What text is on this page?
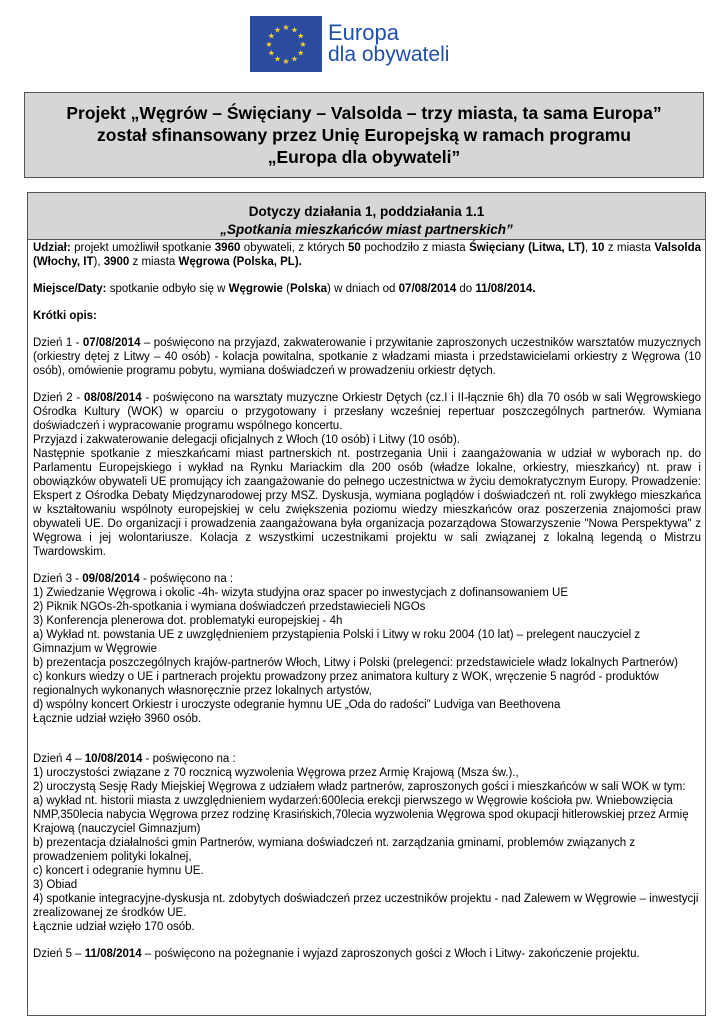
★ ★
★
★
★
★
★
★
★
★
★
★ Europa
dla obywateli
Projekt „Węgrów – Święciany – Valsolda – trzy miasta, ta sama Europa”
został sfinansowany przez Unię Europejską w ramach programu
„Europa dla obywateli”
Dotyczy działania 1, poddziałania 1.1
„Spotkania mieszkańców miast partnerskich”

Udział: projekt umożliwił spotkanie 3960 obywateli, z których 50 pochodziło z miasta Święciany (Litwa, LT), 10 z miasta Valsolda (Włochy, IT), 3900 z miasta Węgrowa (Polska, PL).

Miejsce/Daty: spotkanie odbyło się w Węgrowie (Polska) w dniach od 07/08/2014 do 11/08/2014.

Krótki opis:

Dzień 1 - 07/08/2014 – poświęcono na przyjazd, zakwaterowanie i przywitanie zaproszonych uczestników warsztatów muzycznych (orkiestry dętej z Litwy – 40 osób) - kolacja powitalna, spotkanie z władzami miasta i przedstawicielami orkiestry z Węgrowa (10 osób), omówienie programu pobytu, wymiana doświadczeń w prowadzeniu orkiestr dętych.

Dzień 2 - 08/08/2014 - poświęcono na warsztaty muzyczne Orkiestr Dętych (cz.I i II-łącznie 6h) dla 70 osób w sali Węgrowskiego Ośrodka Kultury (WOK) w oparciu o przygotowany i przesłany wcześniej repertuar poszczególnych partnerów. Wymiana doświadczeń i wypracowanie programu wspólnego koncertu.

Przyjazd i zakwaterowanie delegacji oficjalnych z Włoch (10 osób) i Litwy (10 osób).

Następnie spotkanie z mieszkańcami miast partnerskich nt. postrzegania Unii i zaangażowania w udział w wyborach np. do Parlamentu Europejskiego i wykład na Rynku Mariackim dla 200 osób (władze lokalne, orkiestry, mieszkańcy) nt. praw i obowiązków obywateli UE promujący ich zaangażowanie do pełnego uczestnictwa w życiu demokratycznym Europy. Prowadzenie: Ekspert z Ośrodka Debaty Międzynarodowej przy MSZ. Dyskusja, wymiana poglądów i doświadczeń nt. roli zwykłego mieszkańca w kształtowaniu wspólnoty europejskiej w celu zwiększenia poziomu wiedzy mieszkańców oraz poszerzenia znajomości praw obywateli UE. Do organizacji i prowadzenia zaangażowana była organizacja pozarządowa Stowarzyszenie "Nowa Perspektywa" z Węgrowa i jej wolontariusze. Kolacja z wszystkimi uczestnikami projektu w sali związanej z lokalną legendą o Mistrzu Twardowskim.

Dzień 3 - 09/08/2014 - poświęcono na :

1) Zwiedzanie Węgrowa i okolic -4h- wizyta studyjna oraz spacer po inwestycjach z dofinansowaniem UE

2) Piknik NGOs-2h-spotkania i wymiana doświadczeń przedstawiecieli NGOs

3) Konferencja plenerowa dot. problematyki europejskiej - 4h

a) Wykład nt. powstania UE z uwzględnieniem przystąpienia Polski i Litwy w roku 2004 (10 lat) – prelegent nauczyciel z Gimnazjum w Węgrowie

b) prezentacja poszczególnych krajów-partnerów Włoch, Litwy i Polski (prelegenci: przedstawiciele władz lokalnych Partnerów)

c) konkurs wiedzy o UE i partnerach projektu prowadzony przez animatora kultury z WOK, wręczenie 5 nagród - produktów regionalnych wykonanych własnoręcznie przez lokalnych artystów,

d) wspólny koncert Orkiestr i uroczyste odegranie hymnu UE „Oda do radości” Ludviga van Beethovena

Łącznie udział wzięło 3960 osób.

Dzień 4 – 10/08/2014 - poświęcono na :

1) uroczystości związane z 70 rocznicą wyzwolenia Węgrowa przez Armię Krajową (Msza św.).,

2) uroczystą Sesję Rady Miejskiej Węgrowa z udziałem władz partnerów, zaproszonych gości i mieszkańców w sali WOK w tym:

a) wykład nt. historii miasta z uwzględnieniem wydarzeń:600lecia erekcji pierwszego w Węgrowie kościoła pw. Wniebowzięcia NMP,350lecia nabycia Węgrowa przez rodzinę Krasińskich,70lecia wyzwolenia Węgrowa spod okupacji hitlerowskiej przez Armię Krajową (nauczyciel Gimnazjum)

b) prezentacja działalności gmin Partnerów, wymiana doświadczeń nt. zarządzania gminami, problemów związanych z prowadzeniem polityki lokalnej,

c) koncert i odegranie hymnu UE.

3) Obiad

4) spotkanie integracyjne-dyskusja nt. zdobytych doświadczeń przez uczestników projektu - nad Zalewem w Węgrowie – inwestycji zrealizowanej ze środków UE.

Łącznie udział wzięło 170 osób.

Dzień 5 – 11/08/2014 – poświęcono na pożegnanie i wyjazd zaproszonych gości z Włoch i Litwy- zakończenie projektu.
